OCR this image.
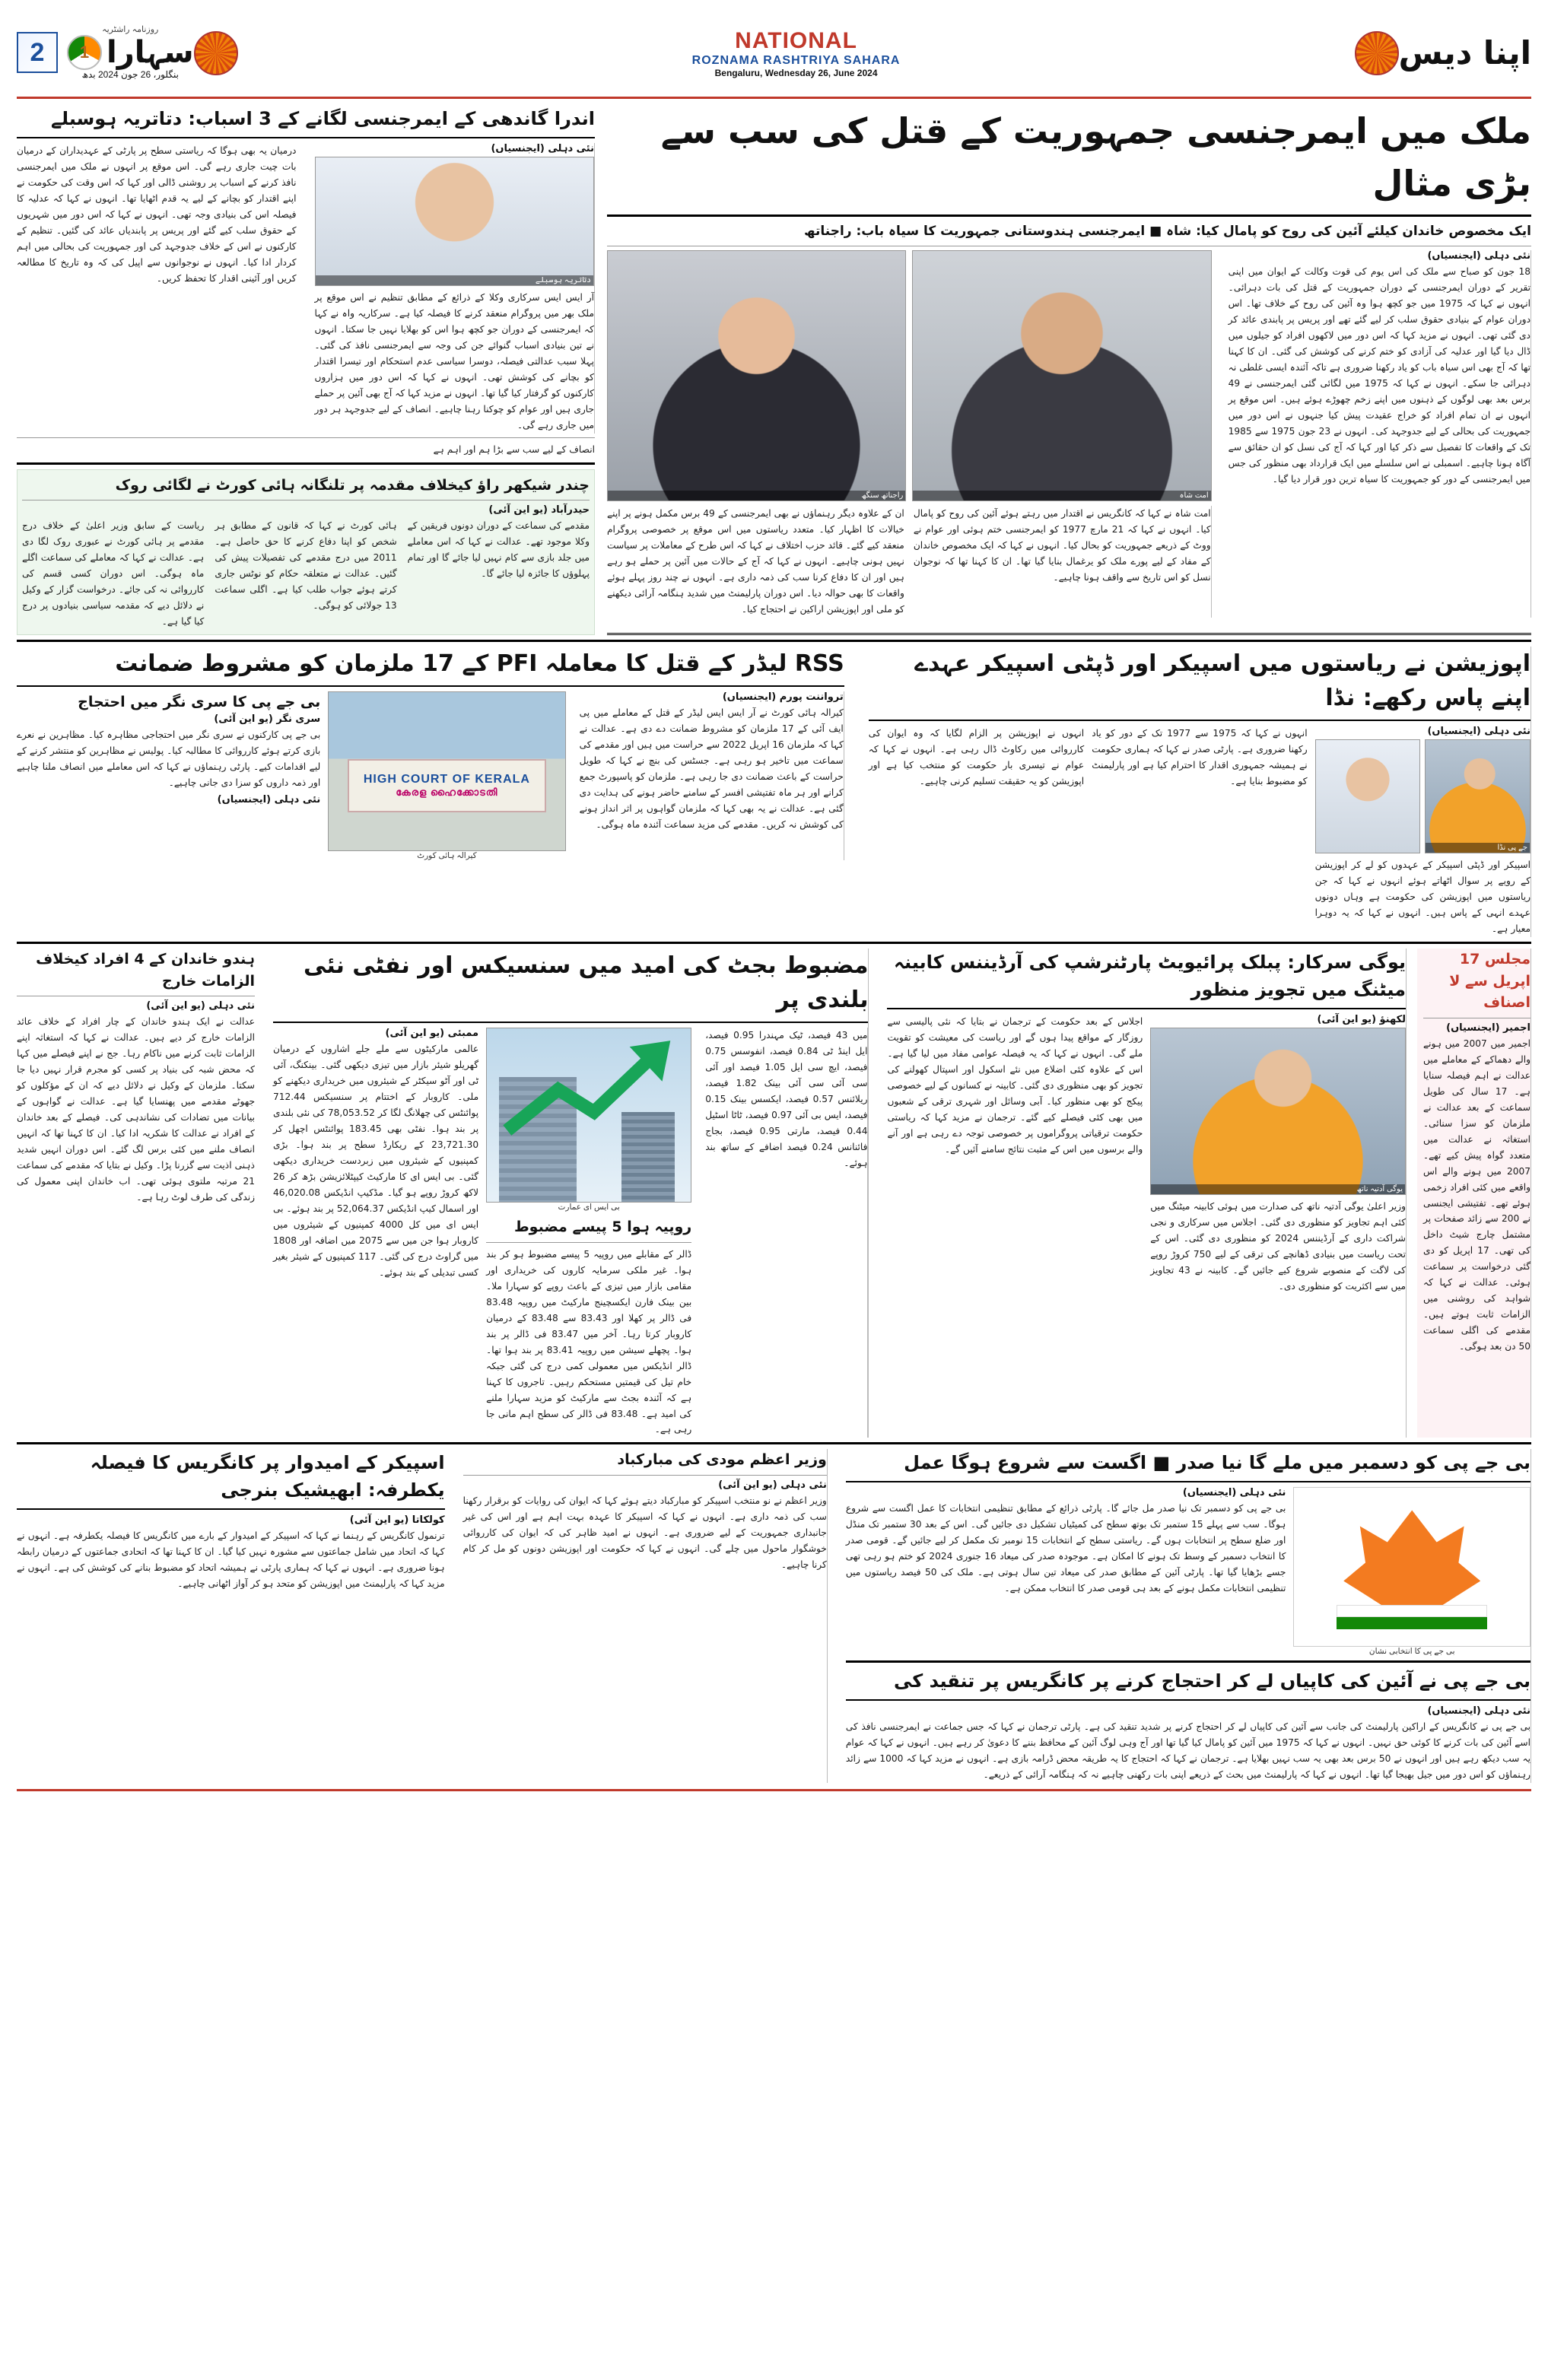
2
روزنامہ راشٹریہ
1
سہارا
بنگلور، 26 جون 2024 بدھ
NATIONAL
ROZNAMA RASHTRIYA SAHARA
Bengaluru, Wednesday 26, June 2024
اپنا دیس
اندرا گاندھی کے ایمرجنسی لگانے کے 3 اسباب: دتاتریہ ہوسبلے
درمیان یہ بھی ہوگا کہ ریاستی سطح پر پارٹی کے عہدیداران کے درمیان بات چیت جاری رہے گی۔ اس موقع پر انہوں نے ملک میں ایمرجنسی نافذ کرنے کے اسباب پر روشنی ڈالی اور کہا کہ اس وقت کی حکومت نے اپنے اقتدار کو بچانے کے لیے یہ قدم اٹھایا تھا۔ انہوں نے کہا کہ عدلیہ کا فیصلہ اس کی بنیادی وجہ تھی۔ انہوں نے کہا کہ اس دور میں شہریوں کے حقوق سلب کیے گئے اور پریس پر پابندیاں عائد کی گئیں۔ تنظیم کے کارکنوں نے اس کے خلاف جدوجہد کی اور جمہوریت کی بحالی میں اہم کردار ادا کیا۔ انہوں نے نوجوانوں سے اپیل کی کہ وہ تاریخ کا مطالعہ کریں اور آئینی اقدار کا تحفظ کریں۔
نئی دہلی (ایجنسیاں)
دتاتریہ ہوسبلے
آر ایس ایس سرکاری وکلا کے ذرائع کے مطابق تنظیم نے اس موقع پر ملک بھر میں پروگرام منعقد کرنے کا فیصلہ کیا ہے۔ سرکاریہ واہ نے کہا کہ ایمرجنسی کے دوران جو کچھ ہوا اس کو بھلایا نہیں جا سکتا۔ انہوں نے تین بنیادی اسباب گنوائے جن کی وجہ سے ایمرجنسی نافذ کی گئی۔ پہلا سبب عدالتی فیصلہ، دوسرا سیاسی عدم استحکام اور تیسرا اقتدار کو بچانے کی کوشش تھی۔ انہوں نے کہا کہ اس دور میں ہزاروں کارکنوں کو گرفتار کیا گیا تھا۔ انہوں نے مزید کہا کہ آج بھی آئین پر حملے جاری ہیں اور عوام کو چوکنا رہنا چاہیے۔ انصاف کے لیے جدوجہد ہر دور میں جاری رہے گی۔
انصاف کے لیے سب سے بڑا ہم اور اہم ہے
چندر شیکھر راؤ کیخلاف مقدمہ پر تلنگانہ ہائی کورٹ نے لگائی روک
حیدرآباد (یو این آئی)
ریاست کے سابق وزیر اعلیٰ کے خلاف درج مقدمے پر ہائی کورٹ نے عبوری روک لگا دی ہے۔ عدالت نے کہا کہ معاملے کی سماعت اگلے ماہ ہوگی۔ اس دوران کسی قسم کی کارروائی نہ کی جائے۔ درخواست گزار کے وکیل نے دلائل دیے کہ مقدمہ سیاسی بنیادوں پر درج کیا گیا ہے۔
ہائی کورٹ نے کہا کہ قانون کے مطابق ہر شخص کو اپنا دفاع کرنے کا حق حاصل ہے۔ 2011 میں درج مقدمے کی تفصیلات پیش کی گئیں۔ عدالت نے متعلقہ حکام کو نوٹس جاری کرتے ہوئے جواب طلب کیا ہے۔ اگلی سماعت 13 جولائی کو ہوگی۔
مقدمے کی سماعت کے دوران دونوں فریقین کے وکلا موجود تھے۔ عدالت نے کہا کہ اس معاملے میں جلد بازی سے کام نہیں لیا جائے گا اور تمام پہلوؤں کا جائزہ لیا جائے گا۔
ملک میں ایمرجنسی جمہوریت کے قتل کی سب سے بڑی مثال
ایک مخصوص خاندان کیلئے آئین کی روح کو پامال کیا: شاہ ■ ایمرجنسی ہندوستانی جمہوریت کا سیاہ باب: راجناتھ
راجناتھ سنگھ	امت شاہ
ان کے علاوہ دیگر رہنماؤں نے بھی ایمرجنسی کے 49 برس مکمل ہونے پر اپنے خیالات کا اظہار کیا۔ متعدد ریاستوں میں اس موقع پر خصوصی پروگرام منعقد کیے گئے۔ قائد حزب اختلاف نے کہا کہ اس طرح کے معاملات پر سیاست نہیں ہونی چاہیے۔ انہوں نے کہا کہ آج کے حالات میں آئین پر حملے ہو رہے ہیں اور ان کا دفاع کرنا سب کی ذمہ داری ہے۔ انہوں نے چند روز پہلے ہوئے واقعات کا بھی حوالہ دیا۔ اس دوران پارلیمنٹ میں شدید ہنگامہ آرائی دیکھنے کو ملی اور اپوزیشن اراکین نے احتجاج کیا۔
امت شاہ نے کہا کہ کانگریس نے اقتدار میں رہتے ہوئے آئین کی روح کو پامال کیا۔ انہوں نے کہا کہ 21 مارچ 1977 کو ایمرجنسی ختم ہوئی اور عوام نے ووٹ کے ذریعے جمہوریت کو بحال کیا۔ انہوں نے کہا کہ ایک مخصوص خاندان کے مفاد کے لیے پورے ملک کو یرغمال بنایا گیا تھا۔ ان کا کہنا تھا کہ نوجوان نسل کو اس تاریخ سے واقف ہونا چاہیے۔
نئی دہلی (ایجنسیاں)
18 جون کو صباح سے ملک کی اس یوم کی قوت وکالت کے ایوان میں اپنی تقریر کے دوران ایمرجنسی کے دوران جمہوریت کے قتل کی بات دہرائی۔ انہوں نے کہا کہ 1975 میں جو کچھ ہوا وہ آئین کی روح کے خلاف تھا۔ اس دوران عوام کے بنیادی حقوق سلب کر لیے گئے تھے اور پریس پر پابندی عائد کر دی گئی تھی۔ انہوں نے مزید کہا کہ اس دور میں لاکھوں افراد کو جیلوں میں ڈال دیا گیا اور عدلیہ کی آزادی کو ختم کرنے کی کوشش کی گئی۔ ان کا کہنا تھا کہ آج بھی اس سیاہ باب کو یاد رکھنا ضروری ہے تاکہ آئندہ ایسی غلطی نہ دہرائی جا سکے۔ انہوں نے کہا کہ 1975 میں لگائی گئی ایمرجنسی نے 49 برس بعد بھی لوگوں کے ذہنوں میں اپنے زخم چھوڑے ہوئے ہیں۔ اس موقع پر انہوں نے ان تمام افراد کو خراج عقیدت پیش کیا جنہوں نے اس دور میں جمہوریت کی بحالی کے لیے جدوجہد کی۔ انہوں نے 23 جون 1975 سے 1985 تک کے واقعات کا تفصیل سے ذکر کیا اور کہا کہ آج کی نسل کو ان حقائق سے آگاہ ہونا چاہیے۔ اسمبلی نے اس سلسلے میں ایک قرارداد بھی منظور کی جس میں ایمرجنسی کے دور کو جمہوریت کا سیاہ ترین دور قرار دیا گیا۔
RSS لیڈر کے قتل کا معاملہ PFI کے 17 ملزمان کو مشروط ضمانت
بی جے پی کا سری نگر میں احتجاج
سری نگر (یو این آئی)
بی جے پی کارکنوں نے سری نگر میں احتجاجی مظاہرہ کیا۔ مظاہرین نے نعرے بازی کرتے ہوئے کارروائی کا مطالبہ کیا۔ پولیس نے مظاہرین کو منتشر کرنے کے لیے اقدامات کیے۔ پارٹی رہنماؤں نے کہا کہ اس معاملے میں انصاف ملنا چاہیے اور ذمہ داروں کو سزا دی جانی چاہیے۔
نئی دہلی (ایجنسیاں)
HIGH COURT OF KERALA
കേരള ഹൈക്കോടതി
کیرالہ ہائی کورٹ
ترواننت پورم (ایجنسیاں)
کیرالہ ہائی کورٹ نے آر ایس ایس لیڈر کے قتل کے معاملے میں پی ایف آئی کے 17 ملزمان کو مشروط ضمانت دے دی ہے۔ عدالت نے کہا کہ ملزمان 16 اپریل 2022 سے حراست میں ہیں اور مقدمے کی سماعت میں تاخیر ہو رہی ہے۔ جسٹس کی بنچ نے کہا کہ طویل حراست کے باعث ضمانت دی جا رہی ہے۔ ملزمان کو پاسپورٹ جمع کرانے اور ہر ماہ تفتیشی افسر کے سامنے حاضر ہونے کی ہدایت دی گئی ہے۔ عدالت نے یہ بھی کہا کہ ملزمان گواہوں پر اثر انداز ہونے کی کوشش نہ کریں۔ مقدمے کی مزید سماعت آئندہ ماہ ہوگی۔
اپوزیشن نے ریاستوں میں اسپیکر اور ڈپٹی اسپیکر عہدے اپنے پاس رکھے: نڈا
انہوں نے اپوزیشن پر الزام لگایا کہ وہ ایوان کی کارروائی میں رکاوٹ ڈال رہی ہے۔ انہوں نے کہا کہ عوام نے تیسری بار حکومت کو منتخب کیا ہے اور اپوزیشن کو یہ حقیقت تسلیم کرنی چاہیے۔
انہوں نے کہا کہ 1975 سے 1977 تک کے دور کو یاد رکھنا ضروری ہے۔ پارٹی صدر نے کہا کہ ہماری حکومت نے ہمیشہ جمہوری اقدار کا احترام کیا ہے اور پارلیمنٹ کو مضبوط بنایا ہے۔
نئی دہلی (ایجنسیاں)
جے پی نڈا
اسپیکر اور ڈپٹی اسپیکر کے عہدوں کو لے کر اپوزیشن کے رویے پر سوال اٹھاتے ہوئے انہوں نے کہا کہ جن ریاستوں میں اپوزیشن کی حکومت ہے وہاں دونوں عہدے انہی کے پاس ہیں۔ انہوں نے کہا کہ یہ دوہرا معیار ہے۔
ہندو خاندان کے 4 افراد کیخلاف الزامات خارج
نئی دہلی (یو این آئی)
عدالت نے ایک ہندو خاندان کے چار افراد کے خلاف عائد الزامات خارج کر دیے ہیں۔ عدالت نے کہا کہ استغاثہ اپنے الزامات ثابت کرنے میں ناکام رہا۔ جج نے اپنے فیصلے میں کہا کہ محض شبہ کی بنیاد پر کسی کو مجرم قرار نہیں دیا جا سکتا۔ ملزمان کے وکیل نے دلائل دیے کہ ان کے مؤکلوں کو جھوٹے مقدمے میں پھنسایا گیا ہے۔ عدالت نے گواہوں کے بیانات میں تضادات کی نشاندہی کی۔ فیصلے کے بعد خاندان کے افراد نے عدالت کا شکریہ ادا کیا۔ ان کا کہنا تھا کہ انہیں انصاف ملنے میں کئی برس لگ گئے۔ اس دوران انہیں شدید ذہنی اذیت سے گزرنا پڑا۔ وکیل نے بتایا کہ مقدمے کی سماعت 21 مرتبہ ملتوی ہوئی تھی۔ اب خاندان اپنی معمول کی زندگی کی طرف لوٹ رہا ہے۔
مضبوط بجٹ کی امید میں سنسیکس اور نفٹی نئی بلندی پر
ممبئی (یو این آئی)
عالمی مارکیٹوں سے ملے جلے اشاروں کے درمیان گھریلو شیئر بازار میں تیزی دیکھی گئی۔ بینکنگ، آئی ٹی اور آٹو سیکٹر کے شیئروں میں خریداری دیکھنے کو ملی۔ کاروبار کے اختتام پر سنسیکس 712.44 پوائنٹس کی چھلانگ لگا کر 78,053.52 کی نئی بلندی پر بند ہوا۔ نفٹی بھی 183.45 پوائنٹس اچھل کر 23,721.30 کے ریکارڈ سطح پر بند ہوا۔ بڑی کمپنیوں کے شیئروں میں زبردست خریداری دیکھی گئی۔ بی ایس ای کا مارکیٹ کیپٹلائزیشن بڑھ کر 26 لاکھ کروڑ روپے ہو گیا۔ مڈکیپ انڈیکس 46,020.08 اور اسمال کیپ انڈیکس 52,064.37 پر بند ہوئے۔ بی ایس ای میں کل 4000 کمپنیوں کے شیئروں میں کاروبار ہوا جن میں سے 2075 میں اضافہ اور 1808 میں گراوٹ درج کی گئی۔ 117 کمپنیوں کے شیئر بغیر کسی تبدیلی کے بند ہوئے۔
بی ایس ای عمارت
روپیہ ہوا 5 پیسے مضبوط
ڈالر کے مقابلے میں روپیہ 5 پیسے مضبوط ہو کر بند ہوا۔ غیر ملکی سرمایہ کاروں کی خریداری اور مقامی بازار میں تیزی کے باعث روپے کو سہارا ملا۔ بین بینک فارن ایکسچینج مارکیٹ میں روپیہ 83.48 فی ڈالر پر کھلا اور 83.43 سے 83.48 کے درمیان کاروبار کرتا رہا۔ آخر میں 83.47 فی ڈالر پر بند ہوا۔ پچھلے سیشن میں روپیہ 83.41 پر بند ہوا تھا۔ ڈالر انڈیکس میں معمولی کمی درج کی گئی جبکہ خام تیل کی قیمتیں مستحکم رہیں۔ تاجروں کا کہنا ہے کہ آئندہ بجٹ سے مارکیٹ کو مزید سہارا ملنے کی امید ہے۔ 83.48 فی ڈالر کی سطح اہم مانی جا رہی ہے۔
میں 43 فیصد، ٹیک مہندرا 0.95 فیصد، ایل اینڈ ٹی 0.84 فیصد، انفوسس 0.75 فیصد، ایچ سی ایل 1.05 فیصد اور آئی سی آئی سی آئی بینک 1.82 فیصد، ریلائنس 0.57 فیصد، ایکسس بینک 0.15 فیصد، ایس بی آئی 0.97 فیصد، ٹاٹا اسٹیل 0.44 فیصد، مارتی 0.95 فیصد، بجاج فائنانس 0.24 فیصد اضافے کے ساتھ بند ہوئے۔
یوگی سرکار: پبلک پرائیویٹ پارٹنرشپ کی آرڈیننس کابینہ میٹنگ میں تجویز منظور
اجلاس کے بعد حکومت کے ترجمان نے بتایا کہ نئی پالیسی سے روزگار کے مواقع پیدا ہوں گے اور ریاست کی معیشت کو تقویت ملے گی۔ انہوں نے کہا کہ یہ فیصلہ عوامی مفاد میں لیا گیا ہے۔ اس کے علاوہ کئی اضلاع میں نئے اسکول اور اسپتال کھولنے کی تجویز کو بھی منظوری دی گئی۔ کابینہ نے کسانوں کے لیے خصوصی پیکج کو بھی منظور کیا۔ آبی وسائل اور شہری ترقی کے شعبوں میں بھی کئی فیصلے کیے گئے۔ ترجمان نے مزید کہا کہ ریاستی حکومت ترقیاتی پروگراموں پر خصوصی توجہ دے رہی ہے اور آنے والے برسوں میں اس کے مثبت نتائج سامنے آئیں گے۔
لکھنؤ (یو این آئی)
یوگی آدتیہ ناتھ
وزیر اعلیٰ یوگی آدتیہ ناتھ کی صدارت میں ہوئی کابینہ میٹنگ میں کئی اہم تجاویز کو منظوری دی گئی۔ اجلاس میں سرکاری و نجی شراکت داری کے آرڈیننس 2024 کو منظوری دی گئی۔ اس کے تحت ریاست میں بنیادی ڈھانچے کی ترقی کے لیے 750 کروڑ روپے کی لاگت کے منصوبے شروع کیے جائیں گے۔ کابینہ نے 43 تجاویز میں سے اکثریت کو منظوری دی۔
مجلس 17 اپریل سے لا اصناف
اجمیر (ایجنسیاں)
اجمیر میں 2007 میں ہونے والے دھماکے کے معاملے میں عدالت نے اہم فیصلہ سنایا ہے۔ 17 سال کی طویل سماعت کے بعد عدالت نے ملزمان کو سزا سنائی۔ استغاثہ نے عدالت میں متعدد گواہ پیش کیے تھے۔ 2007 میں ہونے والے اس واقعے میں کئی افراد زخمی ہوئے تھے۔ تفتیشی ایجنسی نے 200 سے زائد صفحات پر مشتمل چارج شیٹ داخل کی تھی۔ 17 اپریل کو دی گئی درخواست پر سماعت ہوئی۔ عدالت نے کہا کہ شواہد کی روشنی میں الزامات ثابت ہوتے ہیں۔ مقدمے کی اگلی سماعت 50 دن بعد ہوگی۔
اسپیکر کے امیدوار پر کانگریس کا فیصلہ یکطرفہ: ابھیشیک بنرجی
کولکاتا (یو این آئی)
ترنمول کانگریس کے رہنما نے کہا کہ اسپیکر کے امیدوار کے بارے میں کانگریس کا فیصلہ یکطرفہ ہے۔ انہوں نے کہا کہ اتحاد میں شامل جماعتوں سے مشورہ نہیں کیا گیا۔ ان کا کہنا تھا کہ اتحادی جماعتوں کے درمیان رابطہ ہونا ضروری ہے۔ انہوں نے کہا کہ ہماری پارٹی نے ہمیشہ اتحاد کو مضبوط بنانے کی کوشش کی ہے۔ انہوں نے مزید کہا کہ پارلیمنٹ میں اپوزیشن کو متحد ہو کر آواز اٹھانی چاہیے۔
وزیر اعظم مودی کی مبارکباد
نئی دہلی (یو این آئی)
وزیر اعظم نے نو منتخب اسپیکر کو مبارکباد دیتے ہوئے کہا کہ ایوان کی روایات کو برقرار رکھنا سب کی ذمہ داری ہے۔ انہوں نے کہا کہ اسپیکر کا عہدہ بہت اہم ہے اور اس کی غیر جانبداری جمہوریت کے لیے ضروری ہے۔ انہوں نے امید ظاہر کی کہ ایوان کی کارروائی خوشگوار ماحول میں چلے گی۔ انہوں نے کہا کہ حکومت اور اپوزیشن دونوں کو مل کر کام کرنا چاہیے۔
بی جے پی کو دسمبر میں ملے گا نیا صدر ■ اگست سے شروع ہوگا عمل
نئی دہلی (ایجنسیاں)
بی جے پی کو دسمبر تک نیا صدر مل جائے گا۔ پارٹی ذرائع کے مطابق تنظیمی انتخابات کا عمل اگست سے شروع ہوگا۔ سب سے پہلے 15 ستمبر تک بوتھ سطح کی کمیٹیاں تشکیل دی جائیں گی۔ اس کے بعد 30 ستمبر تک منڈل اور ضلع سطح پر انتخابات ہوں گے۔ ریاستی سطح کے انتخابات 15 نومبر تک مکمل کر لیے جائیں گے۔ قومی صدر کا انتخاب دسمبر کے وسط تک ہونے کا امکان ہے۔ موجودہ صدر کی میعاد 16 جنوری 2024 کو ختم ہو رہی تھی جسے بڑھایا گیا تھا۔ پارٹی آئین کے مطابق صدر کی میعاد تین سال ہوتی ہے۔ ملک کی 50 فیصد ریاستوں میں تنظیمی انتخابات مکمل ہونے کے بعد ہی قومی صدر کا انتخاب ممکن ہے۔
بی جے پی کا انتخابی نشان
بی جے پی نے آئین کی کاپیاں لے کر احتجاج کرنے پر کانگریس پر تنقید کی
نئی دہلی (ایجنسیاں)
بی جے پی نے کانگریس کے اراکین پارلیمنٹ کی جانب سے آئین کی کاپیاں لے کر احتجاج کرنے پر شدید تنقید کی ہے۔ پارٹی ترجمان نے کہا کہ جس جماعت نے ایمرجنسی نافذ کی اسے آئین کی بات کرنے کا کوئی حق نہیں۔ انہوں نے کہا کہ 1975 میں آئین کو پامال کیا گیا تھا اور آج وہی لوگ آئین کے محافظ بننے کا دعویٰ کر رہے ہیں۔ انہوں نے کہا کہ عوام یہ سب دیکھ رہے ہیں اور انہوں نے 50 برس بعد بھی یہ سب نہیں بھلایا ہے۔ ترجمان نے کہا کہ احتجاج کا یہ طریقہ محض ڈرامہ بازی ہے۔ انہوں نے مزید کہا کہ 1000 سے زائد رہنماؤں کو اس دور میں جیل بھیجا گیا تھا۔ انہوں نے کہا کہ پارلیمنٹ میں بحث کے ذریعے اپنی بات رکھنی چاہیے نہ کہ ہنگامہ آرائی کے ذریعے۔
